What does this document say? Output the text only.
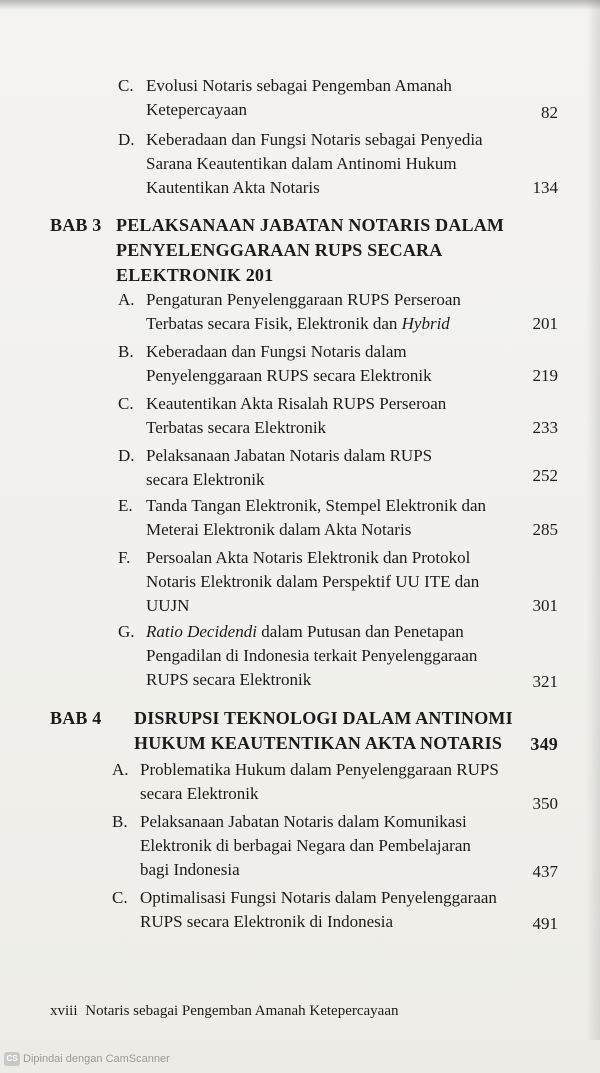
C. Evolusi Notaris sebagai Pengemban Amanah
Ketepercayaan	82
D. Keberadaan dan Fungsi Notaris sebagai Penyedia
Sarana Keautentikan dalam Antinomi Hukum
Kautentikan Akta Notaris	134
BAB 3 PELAKSANAAN JABATAN NOTARIS DALAM
PENYELENGGARAAN RUPS SECARA
ELEKTRONIK 201
A. Pengaturan Penyelenggaraan RUPS Perseroan
Terbatas secara Fisik, Elektronik dan Hybrid	201
B. Keberadaan dan Fungsi Notaris dalam
Penyelenggaraan RUPS secara Elektronik	219
C. Keautentikan Akta Risalah RUPS Perseroan
Terbatas secara Elektronik	233
D. Pelaksanaan Jabatan Notaris dalam RUPS
secara Elektronik	252
E. Tanda Tangan Elektronik, Stempel Elektronik dan
Meterai Elektronik dalam Akta Notaris	285
F. Persoalan Akta Notaris Elektronik dan Protokol
Notaris Elektronik dalam Perspektif UU ITE dan
UUJN	301
G. Ratio Decidendi dalam Putusan dan Penetapan
Pengadilan di Indonesia terkait Penyelenggaraan
RUPS secara Elektronik	321
BAB 4 DISRUPSI TEKNOLOGI DALAM ANTINOMI
HUKUM KEAUTENTIKAN AKTA NOTARIS	349
A. Problematika Hukum dalam Penyelenggaraan RUPS
secara Elektronik
350
B. Pelaksanaan Jabatan Notaris dalam Komunikasi
Elektronik di berbagai Negara dan Pembelajaran
bagi Indonesia	437
C. Optimalisasi Fungsi Notaris dalam Penyelenggaraan
RUPS secara Elektronik di Indonesia	491
xviii Notaris sebagai Pengemban Amanah Ketepercayaan
CS Dipindai dengan CamScanner
